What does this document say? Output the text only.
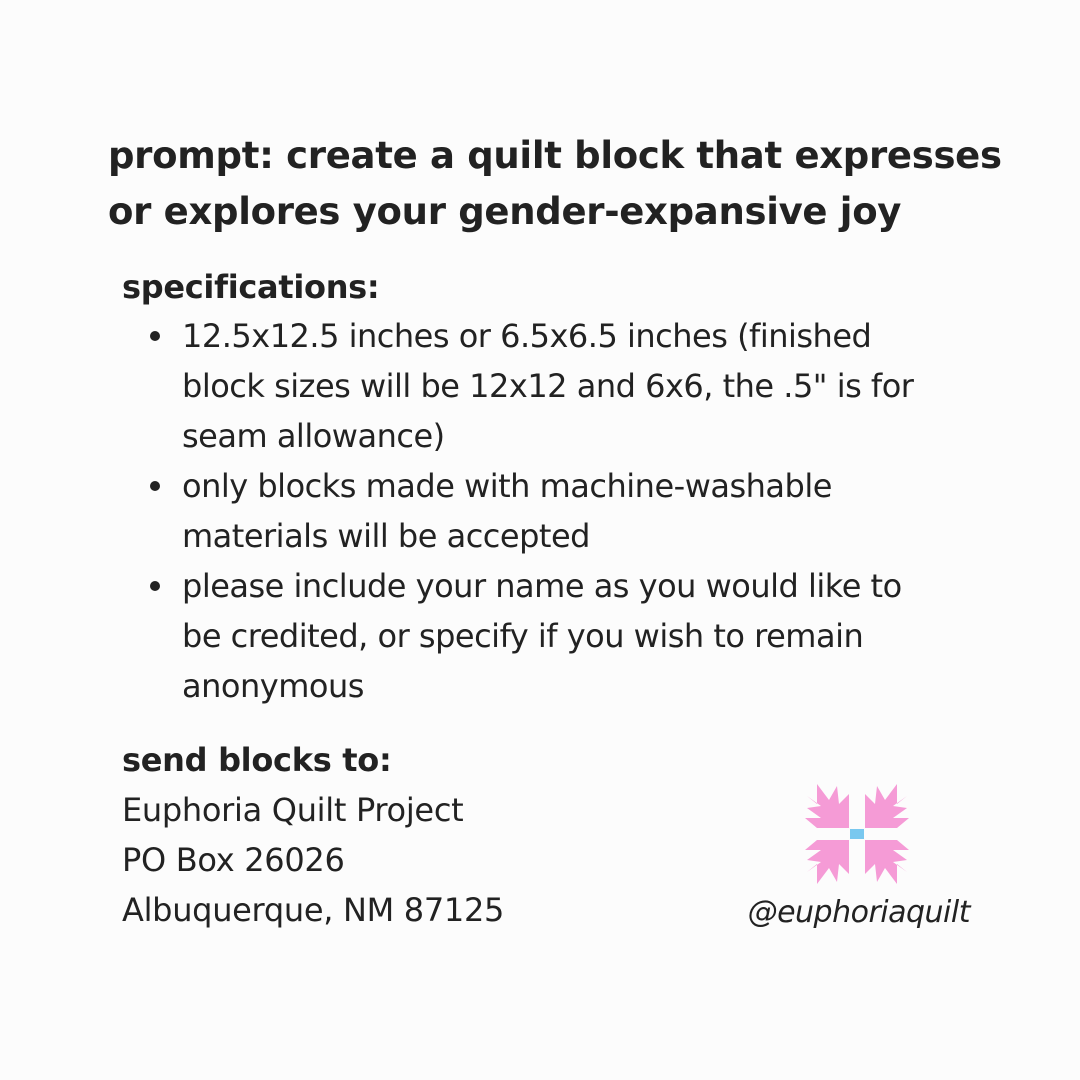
prompt: create a quilt block that expresses
or explores your gender-expansive joy
specifications:
12.5x12.5 inches or 6.5x6.5 inches (finished
block sizes will be 12x12 and 6x6, the .5" is for
seam allowance)
only blocks made with machine-washable
materials will be accepted
please include your name as you would like to
be credited, or specify if you wish to remain
anonymous
send blocks to:
Euphoria Quilt Project
PO Box 26026
Albuquerque, NM 87125	@euphoriaquilt
